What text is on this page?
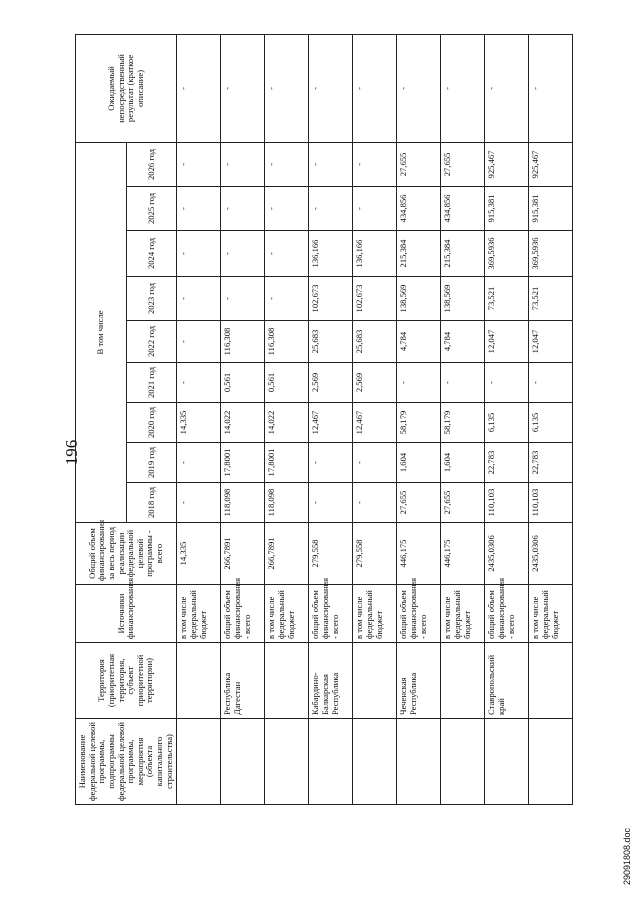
196
Наименование федеральной целевой программы, подпрограммы федеральной целевой программы, мероприятия (объекта капитального строительства)	Территория (приоритетная территория, субъект приоритетной территории)	Источники финансирования	Общий объем финансирования за весь период реализации федеральной целевой программы - всего	В том числе									Ожидаемый непосредственный результат (краткое описание)
				2018 год	2019 год	2020 год	2021 год	2022 год	2023 год	2024 год	2025 год	2026 год	
		в том числе федеральный бюджет	14,335	-	-	14,335	-	-	-	-	-	-	-
	Республика Дагестан	общий объем финансирования - всего	266,7891	118,098	17,8001	14,022	0,561	116,308	-	-	-	-	-
		в том числе федеральный бюджет	266,7891	118,098	17,8001	14,022	0,561	116,308	-	-	-	-	-
	Кабардино-Балкарская Республика	общий объем финансирования - всего	279,558	-	-	12,467	2,569	25,683	102,673	136,166	-	-	-
		в том числе федеральный бюджет	279,558	-	-	12,467	2,569	25,683	102,673	136,166	-	-	-
	Чеченская Республика	общий объем финансирования - всего	446,175	27,655	1,604	58,179	-	4,784	138,569	215,384	434,856	27,655	-
		в том числе федеральный бюджет	446,175	27,655	1,604	58,179	-	4,784	138,569	215,384	434,856	27,655	-
	Ставропольский край	общий объем финансирования - всего	2435,0306	110,103	22,783	6,135	-	12,047	73,521	369,5936	915,381	925,467	-
		в том числе федеральный бюджет	2435,0306	110,103	22,783	6,135	-	12,047	73,521	369,5936	915,381	925,467	-
29091808.doc
